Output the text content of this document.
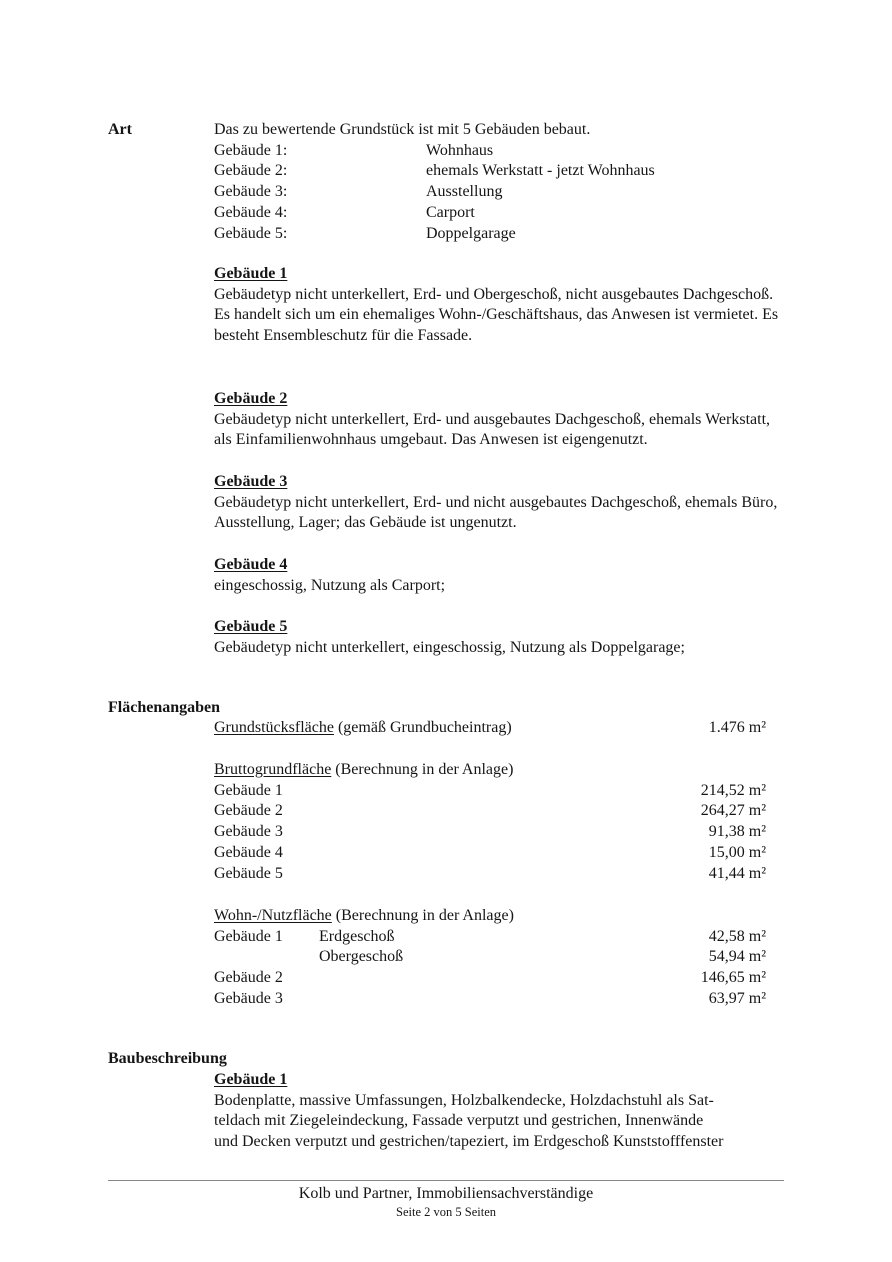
Art	Das zu bewertende Grundstück ist mit 5 Gebäuden bebaut.
Gebäude 1:	Wohnhaus
Gebäude 2:	ehemals Werkstatt - jetzt Wohnhaus
Gebäude 3:	Ausstellung
Gebäude 4:	Carport
Gebäude 5:	Doppelgarage
Gebäude 1
Gebäudetyp nicht unterkellert, Erd- und Obergeschoß, nicht ausgebautes Dachgeschoß. Es handelt sich um ein ehemaliges Wohn-/Geschäftshaus, das Anwesen ist vermietet. Es besteht Ensembleschutz für die Fassade.
Gebäude 2
Gebäudetyp nicht unterkellert, Erd- und ausgebautes Dachgeschoß, ehemals Werkstatt, als Einfamilienwohnhaus umgebaut. Das Anwesen ist eigengenutzt.
Gebäude 3
Gebäudetyp nicht unterkellert, Erd- und nicht ausgebautes Dachgeschoß, ehemals Büro, Ausstellung, Lager; das Gebäude ist ungenutzt.
Gebäude 4
eingeschossig, Nutzung als Carport;
Gebäude 5
Gebäudetyp nicht unterkellert, eingeschossig, Nutzung als Doppelgarage;
Flächenangaben
Grundstücksfläche (gemäß Grundbucheintrag)	1.476 m²
Bruttogrundfläche (Berechnung in der Anlage)
Gebäude 1	214,52 m²
Gebäude 2	264,27 m²
Gebäude 3	91,38 m²
Gebäude 4	15,00 m²
Gebäude 5	41,44 m²
Wohn-/Nutzfläche (Berechnung in der Anlage)
Gebäude 1 Erdgeschoß	42,58 m²
Obergeschoß	54,94 m²
Gebäude 2	146,65 m²
Gebäude 3	63,97 m²
Baubeschreibung
Gebäude 1
Bodenplatte, massive Umfassungen, Holzbalkendecke, Holzdachstuhl als Sat-
teldach mit Ziegeleindeckung, Fassade verputzt und gestrichen, Innenwände
und Decken verputzt und gestrichen/tapeziert, im Erdgeschoß Kunststofffenster
Kolb und Partner, Immobiliensachverständige
Seite 2 von 5 Seiten
